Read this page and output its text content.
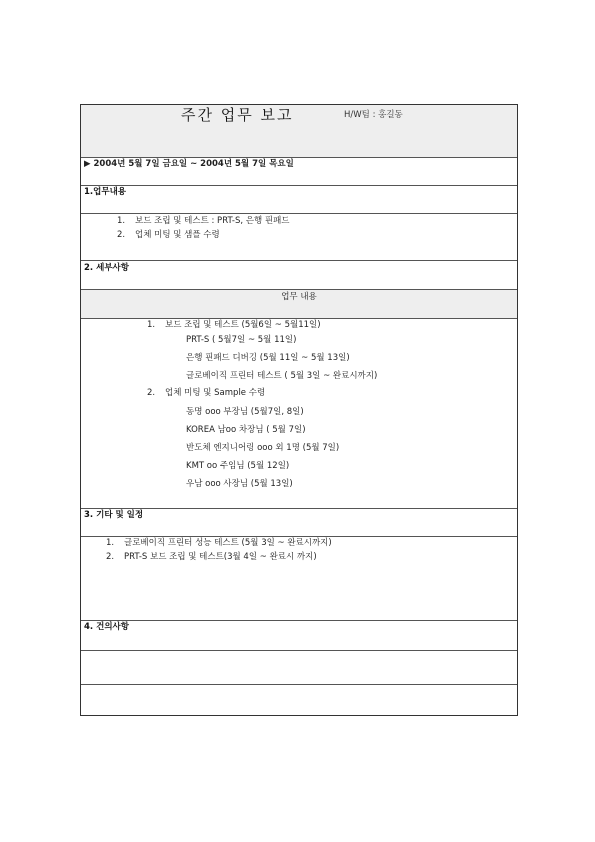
주간 업무 보고	H/W팀 : 홍길동
▶ 2004년 5월 7일 금요일 ~ 2004년 5월 7일 목요일
1.업무내용
1. 보드 조립 및 테스트 : PRT-S, 은행 핀패드
2. 업체 미팅 및 샘플 수령
2. 세부사항
업무 내용
1. 보드 조립 및 테스트 (5월6일 ~ 5월11일)
PRT-S ( 5월7일 ~ 5월 11일)
은행 핀패드 디버깅 (5월 11일 ~ 5월 13일)
글로베이직 프린터 테스트 ( 5월 3일 ~ 완료시까지)
2. 업체 미팅 및 Sample 수령
동명 ooo 부장님 (5월7일, 8일)
KOREA 남oo 차장님 ( 5월 7일)
반도체 엔지니어링 ooo 외 1명 (5월 7일)
KMT oo 주임님 (5월 12일)
우남 ooo 사장님 (5월 13일)
3. 기타 및 일정
1. 글로베이직 프린터 성능 테스트 (5월 3일 ~ 완료시까지)
2. PRT-S 보드 조립 및 테스트(3월 4일 ~ 완료시 까지)
4. 건의사항
